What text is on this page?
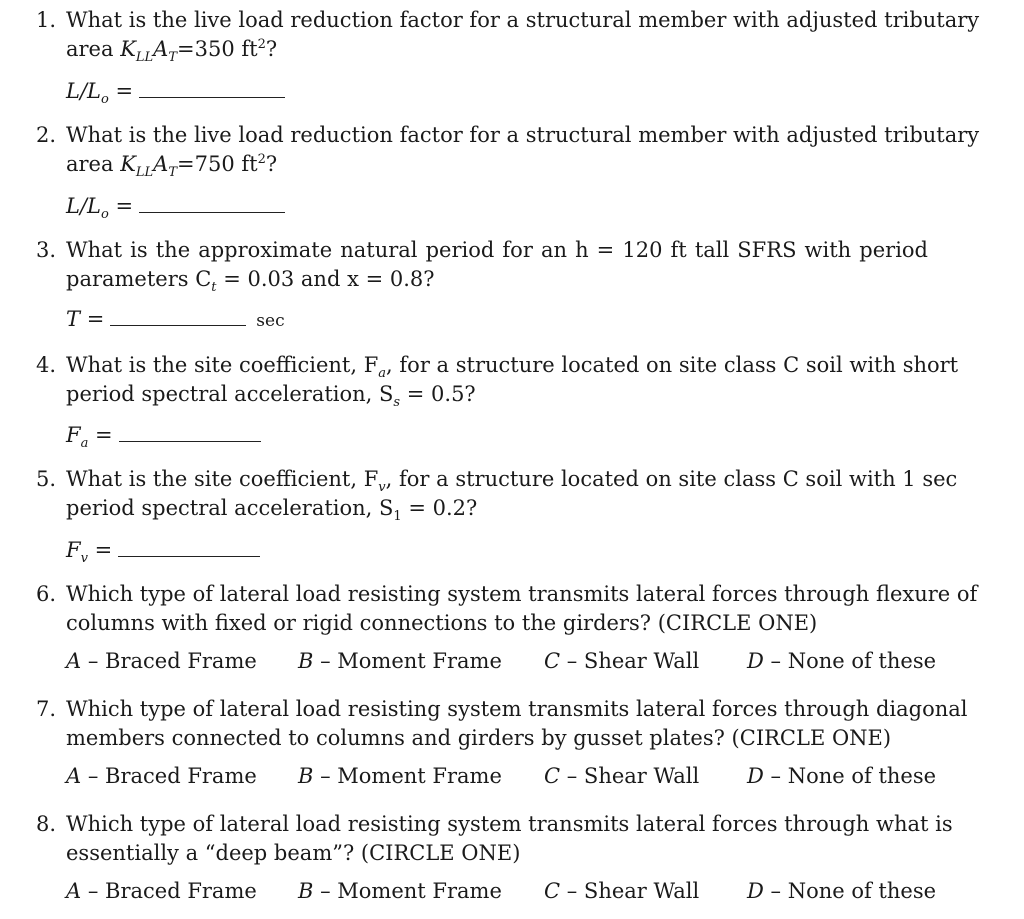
1. What is the live load reduction factor for a structural member with adjusted tributary
area $K_{LL}A_T=350$ $ft^2$?
$L/L_o$ =
2. What is the live load reduction factor for a structural member with adjusted tributary
area $K_{LL}A_T=750$ $ft^2$?
$L/L_o$ =
3. What is the approximate natural period for an h = 120 ft tall SFRS with period
parameters $C_t = 0.03$ and x = 0.8?
T =	sec
4. What is the site coefficient, $F_a$, for a structure located on site class C soil with short
period spectral acceleration, $S_s = 0.5$?
$F_a$ =
5. What is the site coefficient, $F_v$, for a structure located on site class C soil with 1 sec
period spectral acceleration, $S_1 = 0.2$?
$F_v$ =
6. Which type of lateral load resisting system transmits lateral forces through flexure of
columns with fixed or rigid connections to the girders? (CIRCLE ONE)
A – Braced Frame B – Moment Frame C – Shear Wall D – None of these
7. Which type of lateral load resisting system transmits lateral forces through diagonal
members connected to columns and girders by gusset plates? (CIRCLE ONE)
A – Braced Frame B – Moment Frame C – Shear Wall D – None of these
8. Which type of lateral load resisting system transmits lateral forces through what is
essentially a “deep beam”? (CIRCLE ONE)
A – Braced Frame B – Moment Frame C – Shear Wall D – None of these
